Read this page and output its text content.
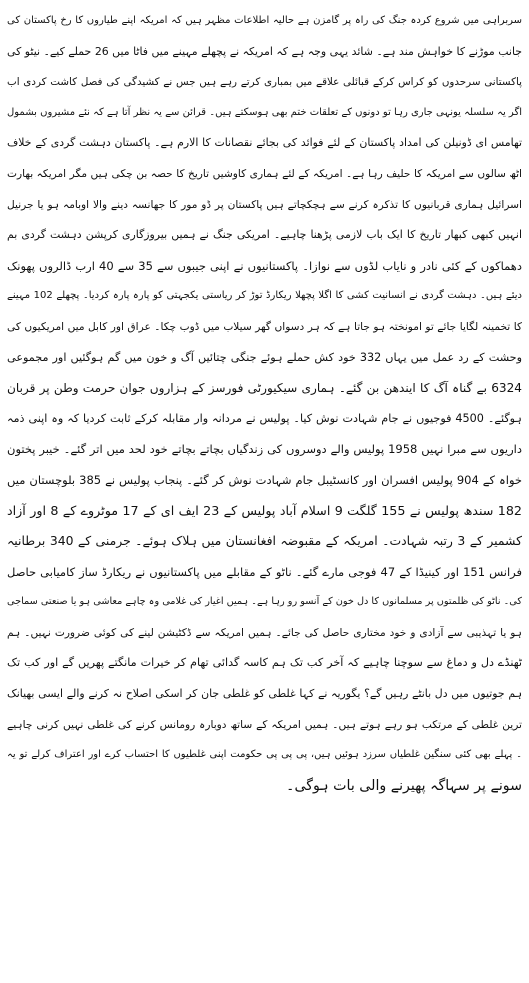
سربراہی میں شروع کردہ جنگ کی راہ پر گامزن ہے حالیہ اطلاعات مظہر ہیں کہ امریکہ اپنے طیاروں کا رخ پاکستان کی
جانب موڑنے کا خواہش مند ہے۔ شائد یہی وجہ ہے کہ امریکہ نے پچھلے مہینے میں فاٹا میں 26 حملے کیے۔ نیٹو کی
پاکستانی سرحدوں کو کراس کرکے قبائلی علاقے میں بمباری کرتے رہے ہیں جس نے کشیدگی کی فصل کاشت کردی اب
اگر یہ سلسلہ یونہی جاری رہا تو دونوں کے تعلقات ختم بھی ہوسکتے ہیں۔ قرائن سے یہ نظر آتا ہے کہ نئے مشیروں بشمول
تھامس ای ڈونیلن کی امداد پاکستان کے لئے فوائد کی بجائے نقصانات کا الارم ہے۔ پاکستان دہشت گردی کے خلاف
اٹھ سالوں سے امریکہ کا حلیف رہا ہے۔ امریکہ کے لئے ہماری کاوشیں تاریخ کا حصہ بن چکی ہیں مگر امریکہ بھارت
اسرائیل ہماری قربانیوں کا تذکرہ کرنے سے ہچکچاتے ہیں پاکستان پر ڈو مور کا جھانسہ دینے والا اوبامہ ہو یا جرنیل
انہیں کبھی کبھار تاریخ کا ایک باب لازمی پڑھنا چاہیے۔ امریکی جنگ نے ہمیں بیروزگاری کرپشن دہشت گردی بم
دھماکوں کے کئی نادر و نایاب لڈوں سے نوازا۔ پاکستانیوں نے اپنی جیبوں سے 35 سے 40 ارب ڈالروں پھونک
دیئے ہیں۔ دہشت گردی نے انسانیت کشی کا اگلا پچھلا ریکارڈ توڑ کر ریاستی یکجہتی کو پارہ پارہ کردیا۔ پچھلے 102 مہینے
کا تخمینہ لگایا جائے تو امونختہ ہو جاتا ہے کہ ہر دسواں گھر سیلاب میں ڈوب چکا۔ عراق اور کابل میں امریکیوں کی
وحشت کے رد عمل میں یہاں 332 خود کش حملے ہوئے جنگی چتائیں آگ و خون میں گم ہوگئیں اور مجموعی
6324 بے گناہ آگ کا ایندھن بن گئے۔ ہماری سیکیورٹی فورسز کے ہزاروں جوان حرمت وطن پر قربان
ہوگئے۔ 4500 فوجیوں نے جام شہادت نوش کیا۔ پولیس نے مردانہ وار مقابلہ کرکے ثابت کردیا کہ وہ اپنی ذمہ
داریوں سے مبرا نہیں 1958 پولیس والے دوسروں کی زندگیاں بچاتے بچاتے خود لحد میں اتر گئے۔ خیبر پختون
خواہ کے 904 پولیس افسران اور کانسٹیبل جام شہادت نوش کر گئے۔ پنجاب پولیس نے 385 بلوچستان میں
182 سندھ پولیس نے 155 گلگت 9 اسلام آباد پولیس کے 23 ایف ای کے 17 موٹروے کے 8 اور آزاد
کشمیر کے 3 رتبہ شہادت۔ امریکہ کے مقبوضہ افغانستان میں ہلاک ہوئے۔ جرمنی کے 340 برطانیہ
فرانس 151 اور کینیڈا کے 47 فوجی مارے گئے۔ ناٹو کے مقابلے میں پاکستانیوں نے ریکارڈ ساز کامیابی حاصل
کی۔ ناٹو کی ظلمتوں پر مسلمانوں کا دل خون کے آنسو رو رہا ہے۔ ہمیں اغیار کی غلامی وہ چاہے معاشی ہو یا صنعتی سماجی
ہو یا تہذیبی سے آزادی و خود مختاری حاصل کی جائے۔ ہمیں امریکہ سے ڈکٹیشن لینے کی کوئی ضرورت نہیں۔ ہم
ٹھنڈے دل و دماغ سے سوچنا چاہیے کہ آخر کب تک ہم کاسہ گدائی تھام کر خیرات مانگتے پھریں گے اور کب تک
ہم جوتیوں میں دل بانٹے رہیں گے؟ یگوریہ نے کہا غلطی کو غلطی جان کر اسکی اصلاح نہ کرنے والے ایسی بھیانک
ترین غلطی کے مرتکب ہو رہے ہوتے ہیں۔ ہمیں امریکہ کے ساتھ دوبارہ رومانس کرنے کی غلطی نہیں کرنی چاہیے
۔ پہلے بھی کئی سنگین غلطیاں سرزد ہوئیں ہیں، پی پی پی حکومت اپنی غلطیوں کا احتساب کرے اور اعتراف کرلے تو یہ
سونے پر سہاگہ پھیرنے والی بات ہوگی۔
